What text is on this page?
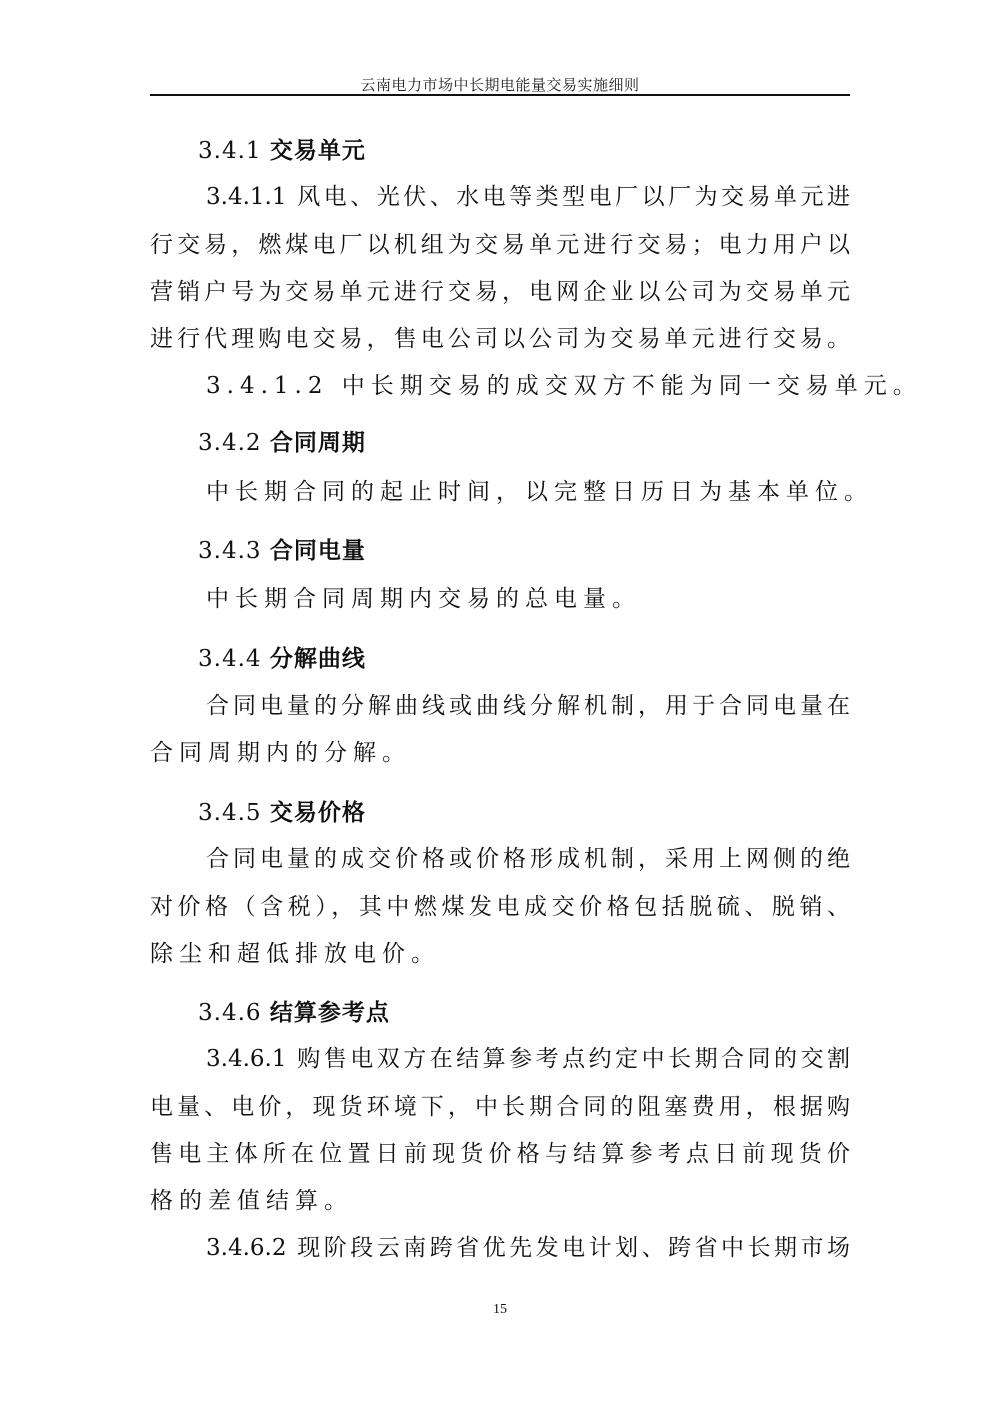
云南电力市场中长期电能量交易实施细则
3.4.1 交易单元
3.4.1.1 风电、光伏、水电等类型电厂以厂为交易单元进
行交易，燃煤电厂以机组为交易单元进行交易；电力用户以
营销户号为交易单元进行交易，电网企业以公司为交易单元
进行代理购电交易，售电公司以公司为交易单元进行交易。
3.4.1.2 中长期交易的成交双方不能为同一交易单元。
3.4.2 合同周期
中长期合同的起止时间，以完整日历日为基本单位。
3.4.3 合同电量
中长期合同周期内交易的总电量。
3.4.4 分解曲线
合同电量的分解曲线或曲线分解机制，用于合同电量在
合同周期内的分解。
3.4.5 交易价格
合同电量的成交价格或价格形成机制，采用上网侧的绝
对价格（含税），其中燃煤发电成交价格包括脱硫、脱销、
除尘和超低排放电价。
3.4.6 结算参考点
3.4.6.1 购售电双方在结算参考点约定中长期合同的交割
电量、电价，现货环境下，中长期合同的阻塞费用，根据购
售电主体所在位置日前现货价格与结算参考点日前现货价
格的差值结算。
3.4.6.2 现阶段云南跨省优先发电计划、跨省中长期市场
15
